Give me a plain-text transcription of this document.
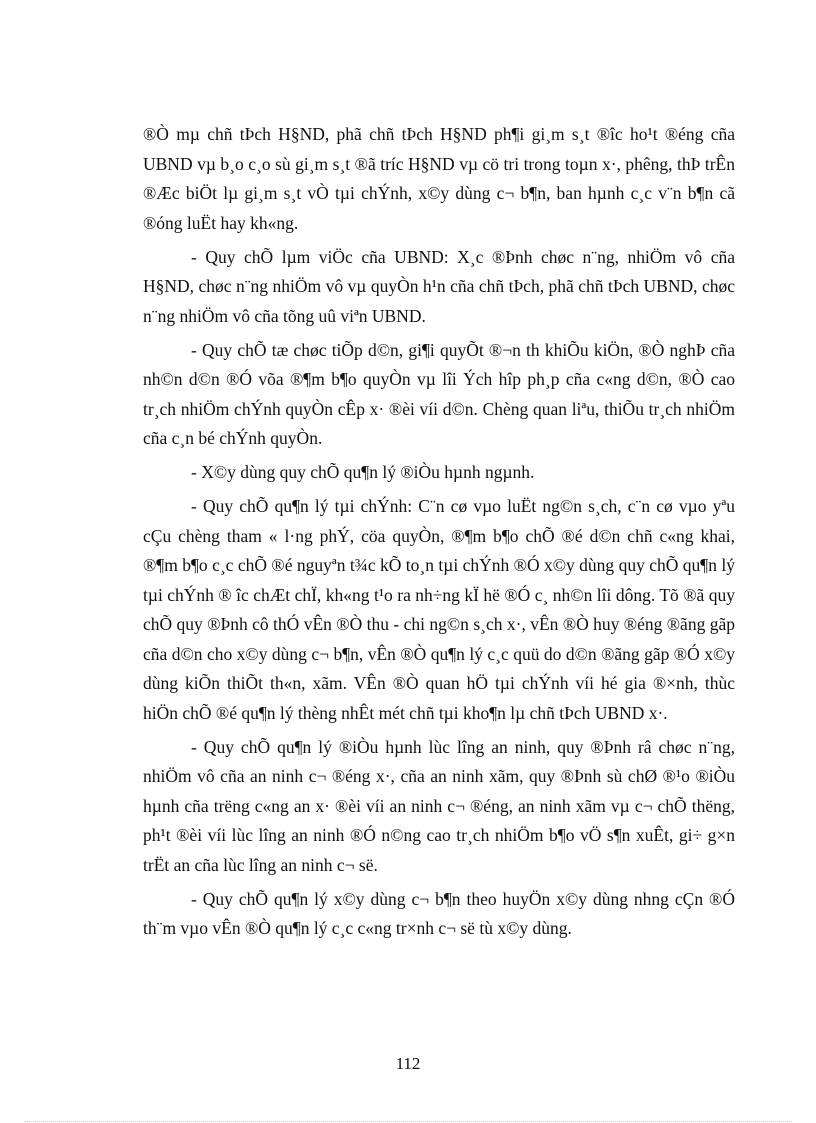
®Ò mµ chñ tÞch H§ND, phã chñ tÞch H§ND ph¶i gi¸m s¸t ®îc ho¹t ®éng cña UBND vµ b¸o c¸o sù gi¸m s¸t ®ã tríc H§ND vµ cö tri trong toµn x·, phêng, thÞ trÊn ®Æc biÖt lµ gi¸m s¸t vÒ tµi chÝnh, x©y dùng c¬ b¶n, ban hµnh c¸c v¨n b¶n cã ®óng luËt hay kh«ng.

- Quy chÕ lµm viÖc cña UBND: X¸c ®Þnh chøc n¨ng, nhiÖm vô cña H§ND, chøc n¨ng nhiÖm vô vµ quyÒn h¹n cña chñ tÞch, phã chñ tÞch UBND, chøc n¨ng nhiÖm vô cña tõng uû viªn UBND.

- Quy chÕ tæ chøc tiÕp d©n, gi¶i quyÕt ®¬n th khiÕu kiÖn, ®Ò nghÞ cña nh©n d©n ®Ó võa ®¶m b¶o quyÒn vµ lîi Ých hîp ph¸p cña c«ng d©n, ®Ò cao tr¸ch nhiÖm chÝnh quyÒn cÊp x· ®èi víi d©n. Chèng quan liªu, thiÕu tr¸ch nhiÖm cña c¸n bé chÝnh quyÒn.

- X©y dùng quy chÕ qu¶n lý ®iÒu hµnh ngµnh.

- Quy chÕ qu¶n lý tµi chÝnh: C¨n cø vµo luËt ng©n s¸ch, c¨n cø vµo yªu cÇu chèng tham « l·ng phÝ, cöa quyÒn, ®¶m b¶o chÕ ®é d©n chñ c«ng khai, ®¶m b¶o c¸c chÕ ®é nguyªn t¾c kÕ to¸n tµi chÝnh ®Ó x©y dùng quy chÕ qu¶n lý tµi chÝnh ® îc chÆt chÏ, kh«ng t¹o ra nh÷ng kÏ hë ®Ó c¸ nh©n lîi dông. Tõ ®ã quy chÕ quy ®Þnh cô thÓ vÊn ®Ò thu - chi ng©n s¸ch x·, vÊn ®Ò huy ®éng ®ãng gãp cña d©n cho x©y dùng c¬ b¶n, vÊn ®Ò qu¶n lý c¸c quü do d©n ®ãng gãp ®Ó x©y dùng kiÕn thiÕt th«n, xãm. VÊn ®Ò quan hÖ tµi chÝnh víi hé gia ®×nh, thùc hiÖn chÕ ®é qu¶n lý thèng nhÊt mét chñ tµi kho¶n lµ chñ tÞch UBND x·.

- Quy chÕ qu¶n lý ®iÒu hµnh lùc lîng an ninh, quy ®Þnh râ chøc n¨ng, nhiÖm vô cña an ninh c¬ ®éng x·, cña an ninh xãm, quy ®Þnh sù chØ ®¹o ®iÒu hµnh cña trëng c«ng an x· ®èi víi an ninh c¬ ®éng, an ninh xãm vµ c¬ chÕ thëng, ph¹t ®èi víi lùc lîng an ninh ®Ó n©ng cao tr¸ch nhiÖm b¶o vÖ s¶n xuÊt, gi÷ g×n trËt an cña lùc lîng an ninh c¬ së.

- Quy chÕ qu¶n lý x©y dùng c¬ b¶n theo huyÖn x©y dùng nhng cÇn ®Ó th¨m vµo vÊn ®Ò qu¶n lý c¸c c«ng tr×nh c¬ së tù x©y dùng.

112
